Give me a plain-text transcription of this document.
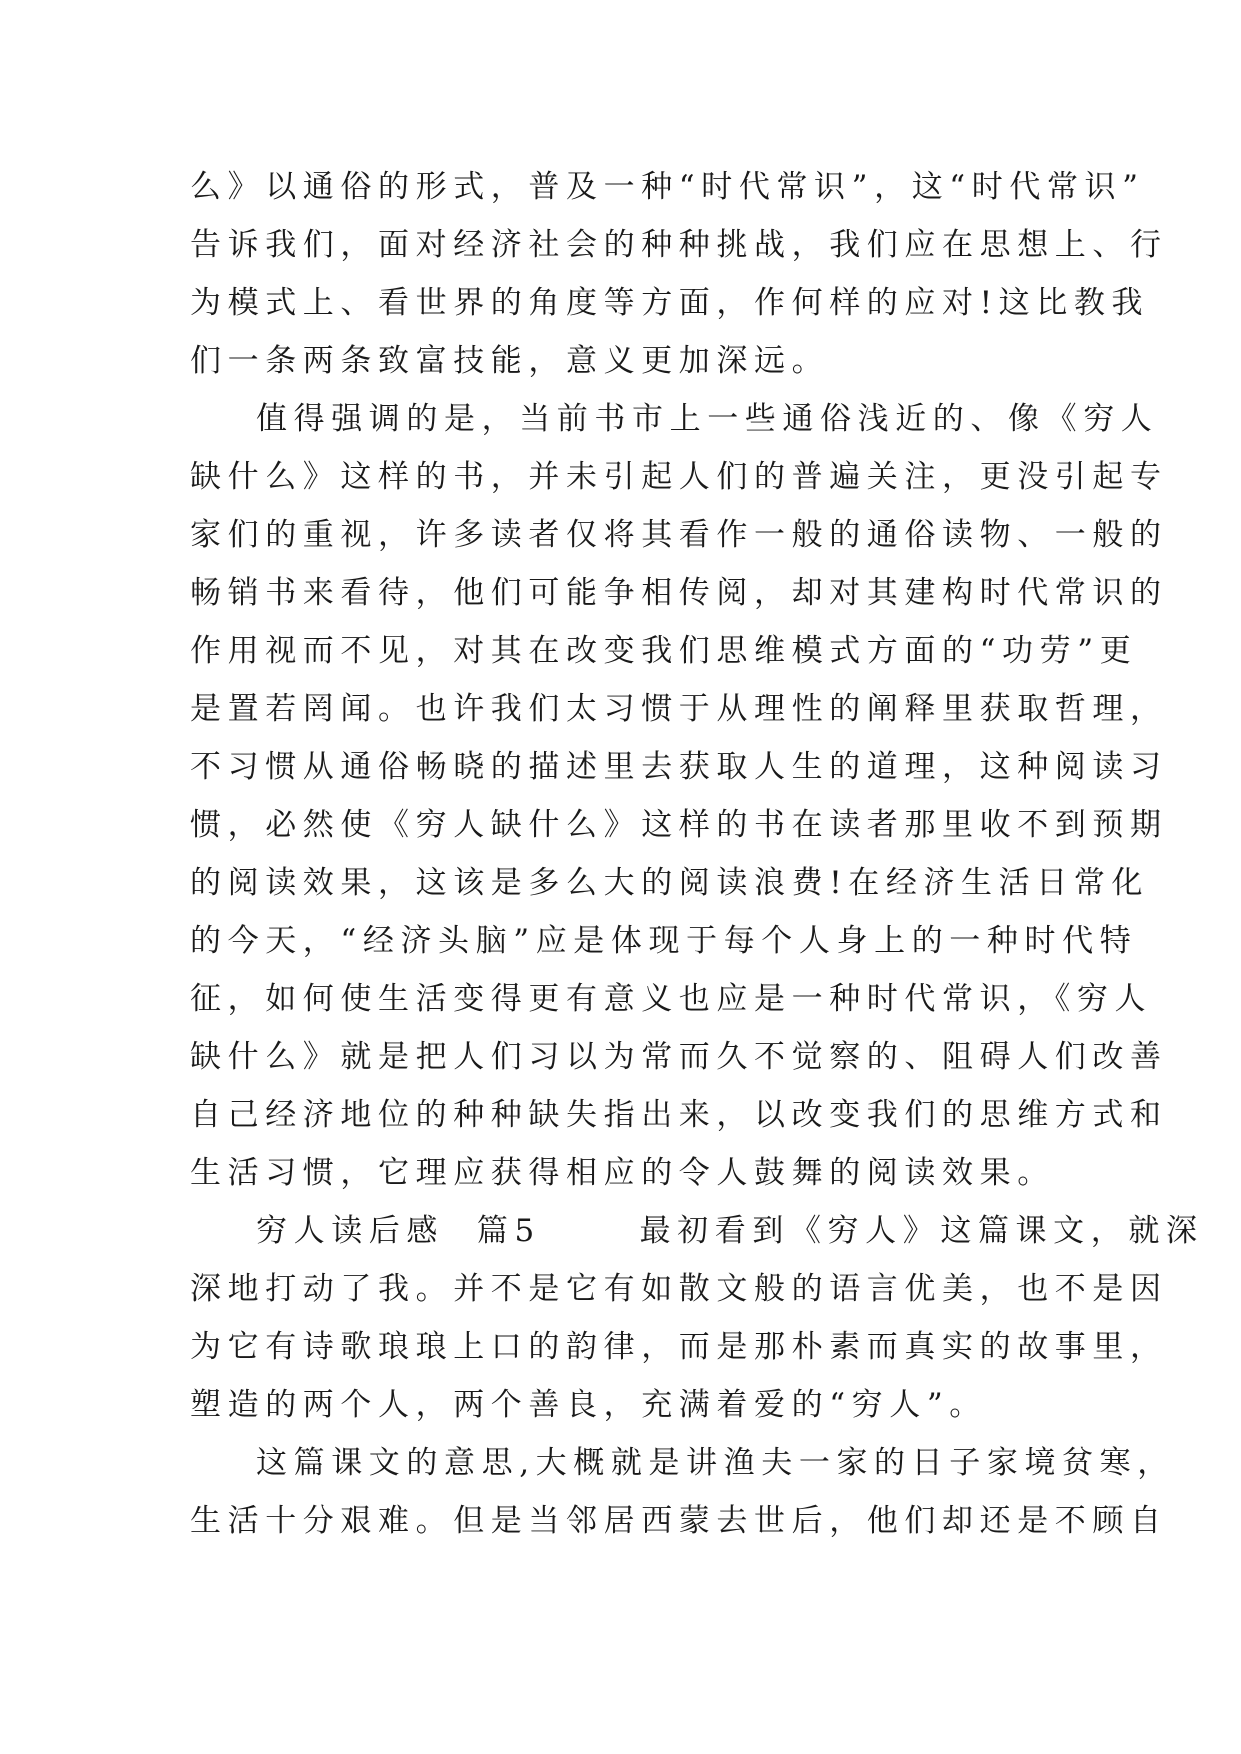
么》以通俗的形式，普及一种“时代常识”，这“时代常识”
告诉我们，面对经济社会的种种挑战，我们应在思想上、行
为模式上、看世界的角度等方面，作何样的应对!这比教我
们一条两条致富技能，意义更加深远。
值得强调的是，当前书市上一些通俗浅近的、像《穷人
缺什么》这样的书，并未引起人们的普遍关注，更没引起专
家们的重视，许多读者仅将其看作一般的通俗读物、一般的
畅销书来看待，他们可能争相传阅，却对其建构时代常识的
作用视而不见，对其在改变我们思维模式方面的“功劳”更
是置若罔闻。也许我们太习惯于从理性的阐释里获取哲理，
不习惯从通俗畅晓的描述里去获取人生的道理，这种阅读习
惯，必然使《穷人缺什么》这样的书在读者那里收不到预期
的阅读效果，这该是多么大的阅读浪费!在经济生活日常化
的今天，“经济头脑”应是体现于每个人身上的一种时代特
征，如何使生活变得更有意义也应是一种时代常识，《穷人
缺什么》就是把人们习以为常而久不觉察的、阻碍人们改善
自己经济地位的种种缺失指出来，以改变我们的思维方式和
生活习惯，它理应获得相应的令人鼓舞的阅读效果。
穷人读后感  篇5      最初看到《穷人》这篇课文，就深
深地打动了我。并不是它有如散文般的语言优美，也不是因
为它有诗歌琅琅上口的韵律，而是那朴素而真实的故事里，
塑造的两个人，两个善良，充满着爱的“穷人”。
这篇课文的意思,大概就是讲渔夫一家的日子家境贫寒，
生活十分艰难。但是当邻居西蒙去世后，他们却还是不顾自
